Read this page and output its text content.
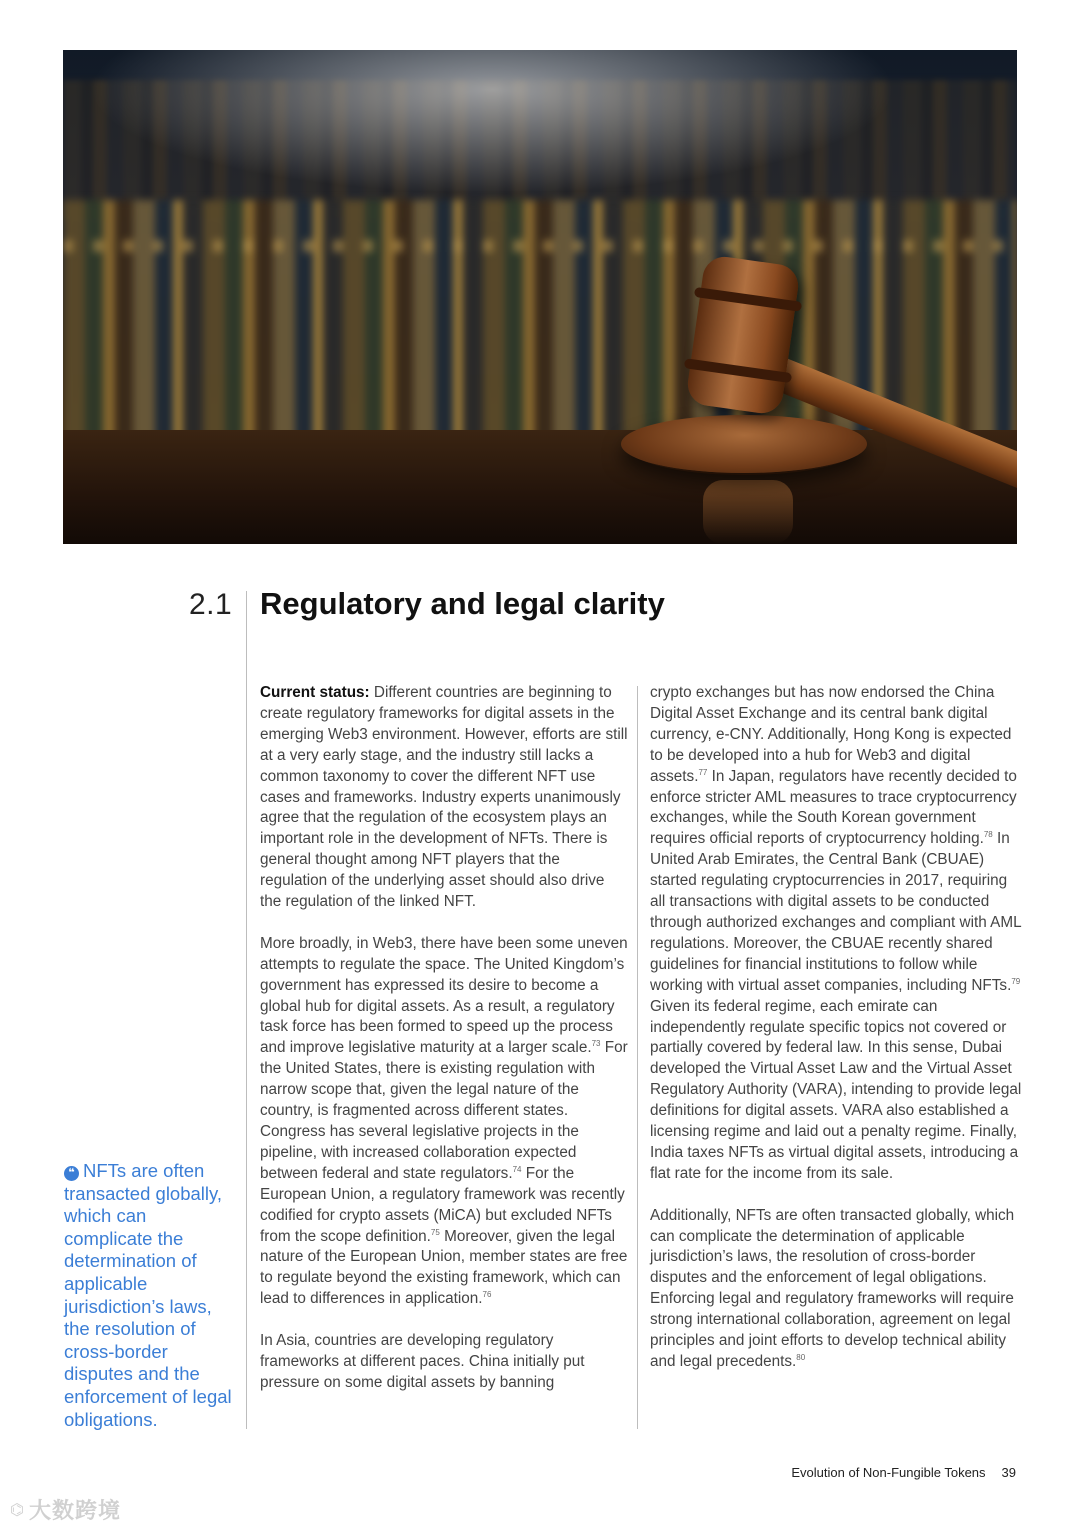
2.1 Regulatory and legal clarity

Current status: Different countries are beginning to create regulatory frameworks for digital assets in the emerging Web3 environment. However, efforts are still at a very early stage, and the industry still lacks a common taxonomy to cover the different NFT use cases and frameworks. Industry experts unanimously agree that the regulation of the ecosystem plays an important role in the development of NFTs. There is general thought among NFT players that the regulation of the underlying asset should also drive the regulation of the linked NFT.

More broadly, in Web3, there have been some uneven attempts to regulate the space. The United Kingdom’s government has expressed its desire to become a global hub for digital assets. As a result, a regulatory task force has been formed to speed up the process and improve legislative maturity at a larger scale.$^{73}$ For the United States, there is existing regulation with narrow scope that, given the legal nature of the country, is fragmented across different states. Congress has several legislative projects in the pipeline, with increased collaboration expected between federal and state regulators.$^{74}$ For the European Union, a regulatory framework was recently codified for crypto assets (MiCA) but excluded NFTs from the scope definition.$^{75}$ Moreover, given the legal nature of the European Union, member states are free to regulate beyond the existing framework, which can lead to differences in application.$^{76}$

In Asia, countries are developing regulatory frameworks at different paces. China initially put pressure on some digital assets by banning

crypto exchanges but has now endorsed the China Digital Asset Exchange and its central bank digital currency, e-CNY. Additionally, Hong Kong is expected to be developed into a hub for Web3 and digital assets.$^{77}$ In Japan, regulators have recently decided to enforce stricter AML measures to trace cryptocurrency exchanges, while the South Korean government requires official reports of cryptocurrency holding.$^{78}$ In United Arab Emirates, the Central Bank (CBUAE) started regulating cryptocurrencies in 2017, requiring all transactions with digital assets to be conducted through authorized exchanges and compliant with AML regulations. Moreover, the CBUAE recently shared guidelines for financial institutions to follow while working with virtual asset companies, including NFTs.$^{79}$ Given its federal regime, each emirate can independently regulate specific topics not covered or partially covered by federal law. In this sense, Dubai developed the Virtual Asset Law and the Virtual Asset Regulatory Authority (VARA), intending to provide legal definitions for digital assets. VARA also established a licensing regime and laid out a penalty regime. Finally, India taxes NFTs as virtual digital assets, introducing a flat rate for the income from its sale.

Additionally, NFTs are often transacted globally, which can complicate the determination of applicable jurisdiction’s laws, the resolution of cross-border disputes and the enforcement of legal obligations. Enforcing legal and regulatory frameworks will require strong international collaboration, agreement on legal principles and joint efforts to develop technical ability and legal precedents.$^{80}$

❝ NFTs are often transacted globally, which can complicate the determination of applicable jurisdiction’s laws, the resolution of cross-border disputes and the enforcement of legal obligations.
Evolution of Non-Fungible Tokens 39
⌬ 大数跨境
